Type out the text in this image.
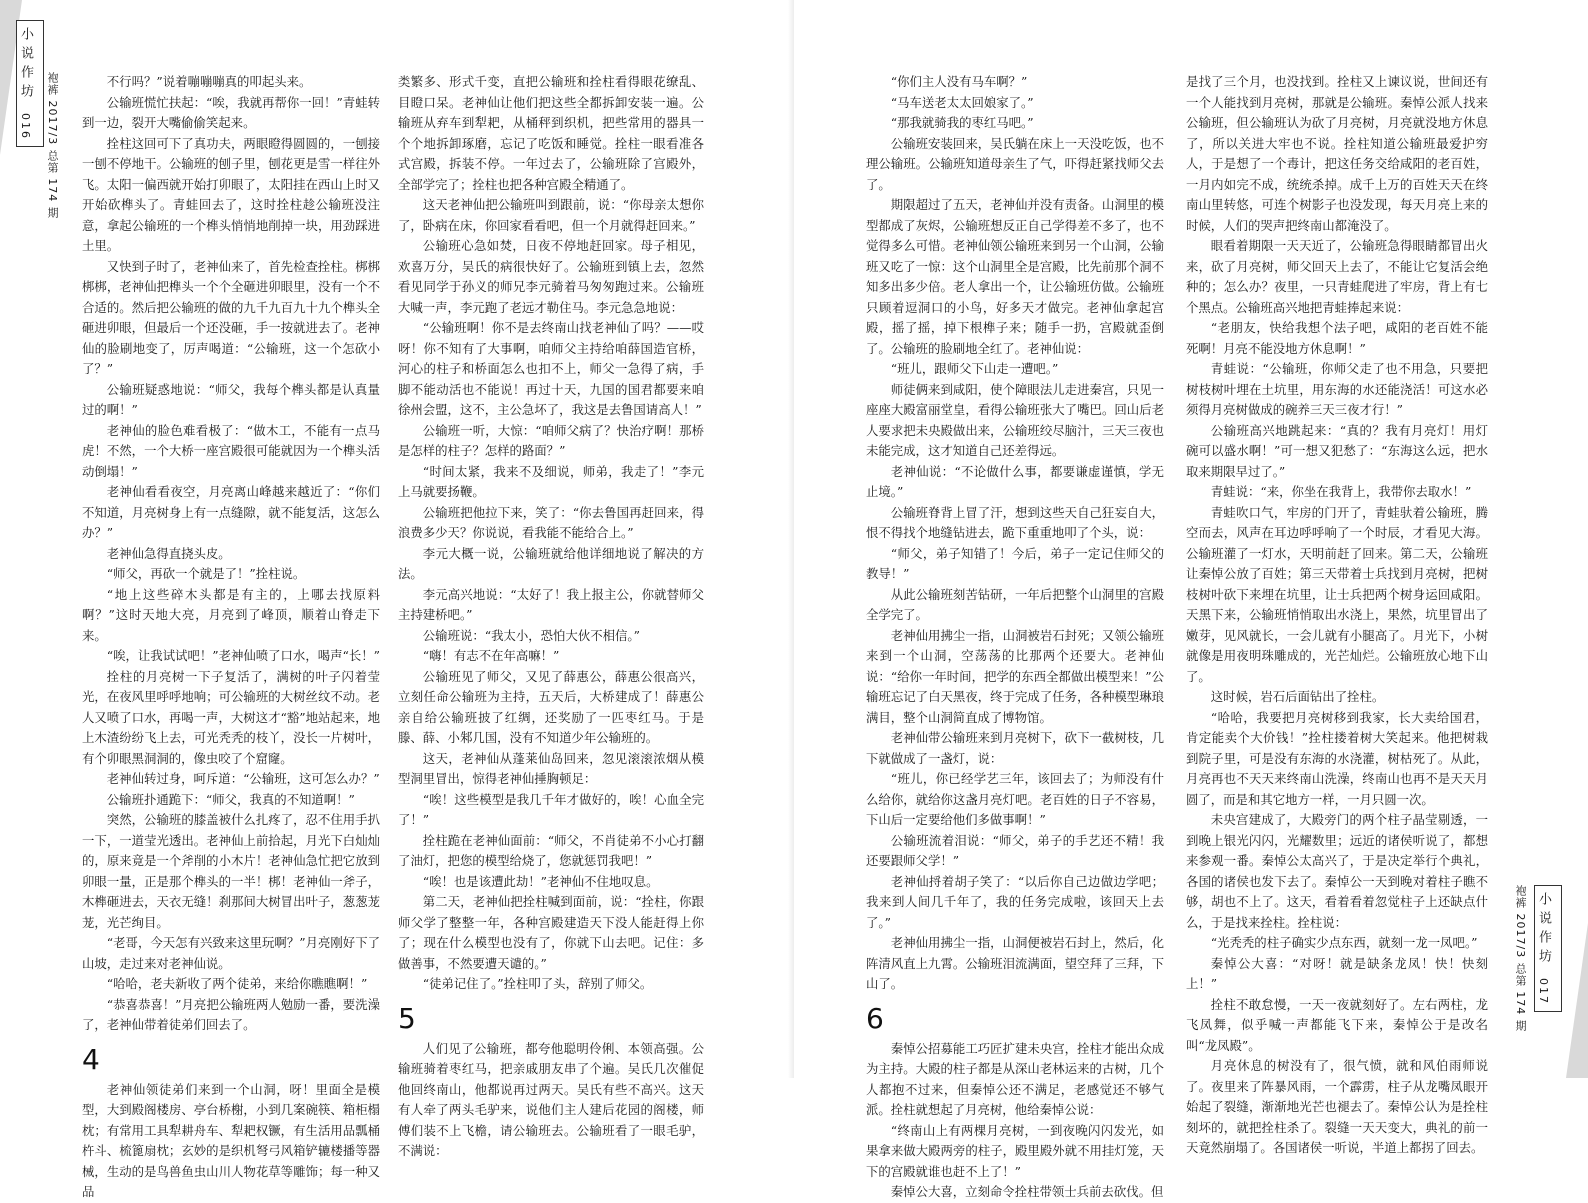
小说作坊
016
袍裤 2017/3 总第 174 期

不行吗？”说着嘣嘣嘣真的叩起头来。

公输班慌忙扶起：“唉，我就再帮你一回！”青蛙转到一边，裂开大嘴偷偷笑起来。

拴柱这回可下了真功夫，两眼瞪得圆圆的，一刨接一刨不停地干。公输班的刨子里，刨花更是雪一样往外飞。太阳一偏西就开始打卯眼了，太阳挂在西山上时又开始砍榫头了。青蛙回去了，这时拴柱趁公输班没注意，拿起公输班的一个榫头悄悄地削掉一块，用劲踩进土里。

又快到子时了，老神仙来了，首先检查拴柱。梆梆梆梆，老神仙把榫头一个个全砸进卯眼里，没有一个不合适的。然后把公输班的做的九千九百九十九个榫头全砸进卯眼，但最后一个还没砸，手一按就进去了。老神仙的脸刷地变了，厉声喝道：“公输班，这一个怎砍小了？”

公输班疑惑地说：“师父，我每个榫头都是认真量过的啊！”

老神仙的脸色难看极了：“做木工，不能有一点马虎！不然，一个大桥一座宫殿很可能就因为一个榫头活动倒塌！”

老神仙看看夜空，月亮离山峰越来越近了：“你们不知道，月亮树身上有一点缝隙，就不能复活，这怎么办？”

老神仙急得直挠头皮。

“师父，再砍一个就是了！”拴柱说。

“地上这些碎木头都是有主的，上哪去找原料啊？”这时天地大亮，月亮到了峰顶，顺着山脊走下来。

“唉，让我试试吧！”老神仙喷了口水，喝声“长！”

拴柱的月亮树一下子复活了，满树的叶子闪着莹光，在夜风里呼呼地响；可公输班的大树丝纹不动。老人又喷了口水，再喝一声，大树这才“豁”地站起来，地上木渣纷纷飞上去，可光秃秃的枝丫，没长一片树叶，有个卯眼黑洞洞的，像虫咬了个窟窿。

老神仙转过身，呵斥道：“公输班，这可怎么办？”

公输班扑通跪下：“师父，我真的不知道啊！”

突然，公输班的膝盖被什么扎疼了，忍不住用手扒一下，一道莹光透出。老神仙上前拾起，月光下白灿灿的，原来竟是一个斧削的小木片！老神仙急忙把它放到卯眼一量，正是那个榫头的一半！梆！老神仙一斧子，木榫砸进去，天衣无缝！刹那间大树冒出叶子，葱葱茏茏，光芒绚目。

“老哥，今天怎有兴致来这里玩啊？”月亮刚好下了山坡，走过来对老神仙说。

“哈哈，老夫新收了两个徒弟，来给你瞧瞧啊！”

“恭喜恭喜！”月亮把公输班两人勉励一番，要洗澡了，老神仙带着徒弟们回去了。

4

老神仙领徒弟们来到一个山洞，呀！里面全是模型，大到殿阁楼房、亭台桥榭，小到几案碗筷、箱柜榻枕；有常用工具犁耕舟车、犁耙权镢，有生活用品瓢桶杵斗、梳篦扇枕；玄妙的是织机弩弓风箱铲辘楼播等器械，生动的是鸟兽鱼虫山川人物花草等雕饰；每一种又品

类繁多、形式千变，直把公输班和拴柱看得眼花缭乱、目瞪口呆。老神仙让他们把这些全都拆卸安装一遍。公输班从弃车到犁耙，从桶秤到织机，把些常用的器具一个个地拆卸琢磨，忘记了吃饭和睡觉。拴柱一眼看准各式宫殿，拆装不停。一年过去了，公输班除了宫殿外，全部学完了；拴柱也把各种宫殿全精通了。

这天老神仙把公输班叫到跟前，说：“你母亲太想你了，卧病在床，你回家看看吧，但一个月就得赶回来。”

公输班心急如焚，日夜不停地赶回家。母子相见，欢喜万分，吴氏的病很快好了。公输班到镇上去，忽然看见同学于孙义的师兄李元骑着马匆匆跑过来。公输班大喊一声，李元跑了老远才勒住马。李元急急地说：

“公输班啊！你不是去终南山找老神仙了吗？——哎呀！你不知有了大事啊，咱师父主持给咱薛国造官桥，河心的柱子和桥面怎么也扣不上，师父一急得了病，手脚不能动活也不能说！再过十天，九国的国君都要来咱徐州会盟，这不，主公急坏了，我这是去鲁国请高人！”

公输班一听，大惊：“咱师父病了？快治疗啊！那桥是怎样的柱子？怎样的路面？”

“时间太紧，我来不及细说，师弟，我走了！”李元上马就要扬鞭。

公输班把他拉下来，笑了：“你去鲁国再赶回来，得浪费多少天？你说说，看我能不能给合上。”

李元大概一说，公输班就给他详细地说了解决的方法。

李元高兴地说：“太好了！我上报主公，你就替师父主持建桥吧。”

公输班说：“我太小，恐怕大伙不相信。”

“嗨！有志不在年高嘛！”

公输班见了师父，又见了薛惠公，薛惠公很高兴，立刻任命公输班为主持，五天后，大桥建成了！薛惠公亲自给公输班披了红绸，还奖励了一匹枣红马。于是滕、薛、小邾几国，没有不知道少年公输班的。

这天，老神仙从蓬莱仙岛回来，忽见滚滚浓烟从模型洞里冒出，惊得老神仙捶胸顿足：

“唉！这些模型是我几千年才做好的，唉！心血全完了！”

拴柱跪在老神仙面前：“师父，不肖徒弟不小心打翻了油灯，把您的模型给烧了，您就惩罚我吧！”

“唉！也是该遭此劫！”老神仙不住地叹息。

第二天，老神仙把拴柱喊到面前，说：“拴柱，你跟师父学了整整一年，各种宫殿建造天下没人能赶得上你了；现在什么模型也没有了，你就下山去吧。记住：多做善事，不然要遭天谴的。”

“徒弟记住了。”拴柱叩了头，辞别了师父。

5

人们见了公输班，都夸他聪明伶俐、本领高强。公输班骑着枣红马，把亲戚朋友串了个遍。吴氏几次催促他回终南山，他都说再过两天。吴氏有些不高兴。这天有人牵了两头毛驴来，说他们主人建后花园的阁楼，师傅们装不上飞檐，请公输班去。公输班看了一眼毛驴，不满说：

“你们主人没有马车啊？”

“马车送老太太回娘家了。”

“那我就骑我的枣红马吧。”

公输班安装回来，吴氏躺在床上一天没吃饭，也不理公输班。公输班知道母亲生了气，吓得赶紧找师父去了。

期限超过了五天，老神仙并没有责备。山洞里的模型都成了灰烬，公输班想反正自己学得差不多了，也不觉得多么可惜。老神仙领公输班来到另一个山洞，公输班又吃了一惊：这个山洞里全是宫殿，比先前那个洞不知多出多少倍。老人拿出一个，让公输班仿做。公输班只顾着逗洞口的小鸟，好多天才做完。老神仙拿起宫殿，摇了摇，掉下根榫子来；随手一扔，宫殿就歪倒了。公输班的脸刷地全红了。老神仙说：

“班儿，跟师父下山走一遭吧。”

师徒俩来到咸阳，使个障眼法儿走进秦宫，只见一座座大殿富丽堂皇，看得公输班张大了嘴巴。回山后老人要求把未央殿做出来，公输班绞尽脑汁，三天三夜也未能完成，这才知道自己还差得远。

老神仙说：“不论做什么事，都要谦虚谨慎，学无止境。”

公输班脊背上冒了汗，想到这些天自己狂妄自大，恨不得找个地缝钻进去，跪下重重地叩了个头，说：

“师父，弟子知错了！今后，弟子一定记住师父的教导！”

从此公输班刻苦钻研，一年后把整个山洞里的宫殿全学完了。

老神仙用拂尘一指，山洞被岩石封死；又领公输班来到一个山洞，空荡荡的比那两个还要大。老神仙说：“给你一年时间，把学的东西全都做出模型来！”公输班忘记了白天黑夜，终于完成了任务，各种模型琳琅满目，整个山洞简直成了博物馆。

老神仙带公输班来到月亮树下，砍下一截树枝，几下就做成了一盏灯，说：

“班儿，你已经学艺三年，该回去了；为师没有什么给你，就给你这盏月亮灯吧。老百姓的日子不容易，下山后一定要给他们多做事啊！”

公输班流着泪说：“师父，弟子的手艺还不精！我还要跟师父学！”

老神仙捋着胡子笑了：“以后你自己边做边学吧；我来到人间几千年了，我的任务完成啦，该回天上去了。”

老神仙用拂尘一指，山洞便被岩石封上，然后，化阵清风直上九霄。公输班泪流满面，望空拜了三拜，下山了。

6

秦悼公招募能工巧匠扩建未央宫，拴柱才能出众成为主持。大殿的柱子都是从深山老林运来的古树，几个人都抱不过来，但秦悼公还不满足，老感觉还不够气派。拴柱就想起了月亮树，他给秦悼公说：

“终南山上有两棵月亮树，一到夜晚闪闪发光，如果拿来做大殿两旁的柱子，殿里殿外就不用挂灯笼，天下的宫殿就谁也赶不上了！”

秦悼公大喜，立刻命令拴柱带领士兵前去砍伐。但

是找了三个月，也没找到。拴柱又上谏议说，世间还有一个人能找到月亮树，那就是公输班。秦悼公派人找来公输班，但公输班认为砍了月亮树，月亮就没地方休息了，所以关进大牢也不说。拴柱知道公输班最爱护穷人，于是想了一个毒计，把这任务交给咸阳的老百姓，一月内如完不成，统统杀掉。成千上万的百姓天天在终南山里转悠，可连个树影子也没发现，每天月亮上来的时候，人们的哭声把终南山都淹没了。

眼看着期限一天天近了，公输班急得眼睛都冒出火来，砍了月亮树，师父回天上去了，不能让它复活会绝种的；怎么办？夜里，一只青蛙爬进了牢房，背上有七个黑点。公输班高兴地把青蛙捧起来说：

“老朋友，快给我想个法子吧，咸阳的老百姓不能死啊！月亮不能没地方休息啊！”

青蛙说：“公输班，你师父走了也不用急，只要把树枝树叶埋在土坑里，用东海的水还能浇活！可这水必须得月亮树做成的碗养三天三夜才行！”

公输班高兴地跳起来：“真的？我有月亮灯！用灯碗可以盛水啊！”可一想又犯愁了：“东海这么远，把水取来期限早过了。”

青蛙说：“来，你坐在我背上，我带你去取水！”

青蛙吹口气，牢房的门开了，青蛙驮着公输班，腾空而去，风声在耳边呼呼响了一个时辰，才看见大海。公输班灌了一灯水，天明前赶了回来。第二天，公输班让秦悼公放了百姓；第三天带着士兵找到月亮树，把树枝树叶砍下来埋在坑里，让士兵把两个树身运回咸阳。天黑下来，公输班悄悄取出水浇上，果然，坑里冒出了嫩芽，见风就长，一会儿就有小腿高了。月光下，小树就像是用夜明珠雕成的，光芒灿烂。公输班放心地下山了。

这时候，岩石后面钻出了拴柱。

“哈哈，我要把月亮树移到我家，长大卖给国君，肯定能卖个大价钱！”拴柱搂着树大笑起来。他把树栽到院子里，可是没有东海的水浇灌，树枯死了。从此，月亮再也不天天来终南山洗澡，终南山也再不是天天月圆了，而是和其它地方一样，一月只圆一次。

未央宫建成了，大殿旁门的两个柱子晶莹剔透，一到晚上银光闪闪，光耀数里；远近的诸侯听说了，都想来参观一番。秦悼公太高兴了，于是决定举行个典礼，各国的诸侯也发下去了。秦悼公一天到晚对着柱子瞧不够，胡也不上了。这天，看着看着忽觉柱子上还缺点什么，于是找来拴柱。拴柱说：

“光秃秃的柱子确实少点东西，就刻一龙一凤吧。”

秦悼公大喜：“对呀！就是缺条龙凤！快！快刻上！”

拴柱不敢怠慢，一天一夜就刻好了。左右两柱，龙飞凤舞，似乎喊一声都能飞下来，秦悼公于是改名叫“龙凤殿”。

月亮休息的树没有了，很气愤，就和风伯雨师说了。夜里来了阵暴风雨，一个霹雳，柱子从龙嘴凤眼开始起了裂缝，渐渐地光芒也褪去了。秦悼公认为是拴柱刻坏的，就把拴柱杀了。裂缝一天天变大，典礼的前一天竟然崩塌了。各国诸侯一听说，半道上都拐了回去。

袍裤 2017/3 总第 174 期
小说作坊
017
